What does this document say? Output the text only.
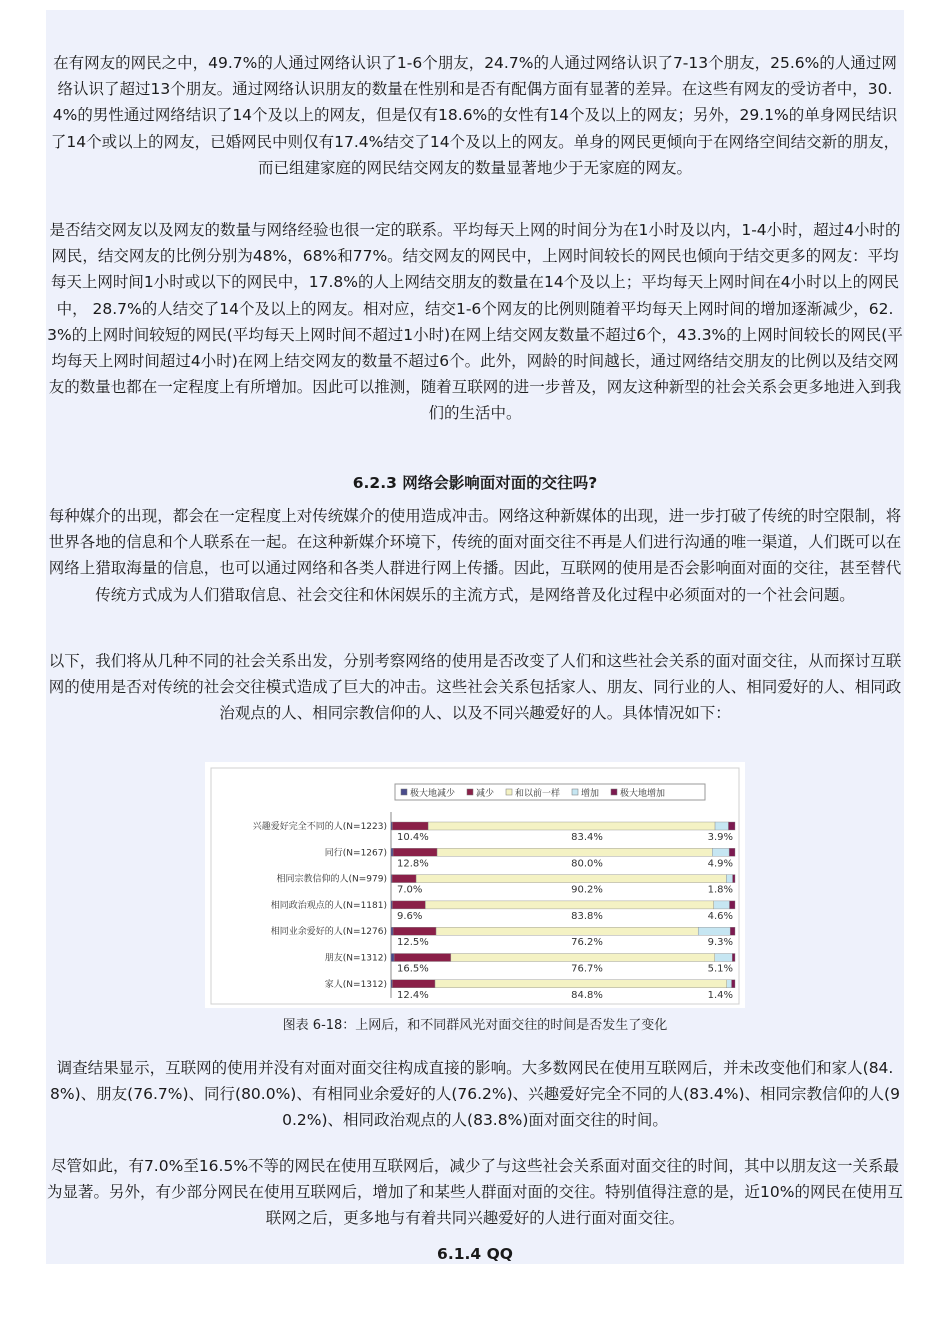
在有网友的网民之中，49.7%的人通过网络认识了1-6个朋友，24.7%的人通过网络认识了7-13个朋友，25.6%的人通过网络认识了超过13个朋友。通过网络认识朋友的数量在性别和是否有配偶方面有显著的差异。在这些有网友的受访者中，30.4%的男性通过网络结识了14个及以上的网友，但是仅有18.6%的女性有14个及以上的网友；另外，29.1%的单身网民结识了14个或以上的网友，已婚网民中则仅有17.4%结交了14个及以上的网友。单身的网民更倾向于在网络空间结交新的朋友，而已组建家庭的网民结交网友的数量显著地少于无家庭的网友。

是否结交网友以及网友的数量与网络经验也很一定的联系。平均每天上网的时间分为在1小时及以内，1-4小时，超过4小时的网民，结交网友的比例分别为48%，68%和77%。结交网友的网民中，上网时间较长的网民也倾向于结交更多的网友：平均每天上网时间1小时或以下的网民中，17.8%的人上网结交朋友的数量在14个及以上；平均每天上网时间在4小时以上的网民中， 28.7%的人结交了14个及以上的网友。相对应，结交1-6个网友的比例则随着平均每天上网时间的增加逐渐减少，62.3%的上网时间较短的网民(平均每天上网时间不超过1小时)在网上结交网友数量不超过6个，43.3%的上网时间较长的网民(平均每天上网时间超过4小时)在网上结交网友的数量不超过6个。此外，网龄的时间越长，通过网络结交朋友的比例以及结交网友的数量也都在一定程度上有所增加。因此可以推测，随着互联网的进一步普及，网友这种新型的社会关系会更多地进入到我们的生活中。

6.2.3 网络会影响面对面的交往吗?

每种媒介的出现，都会在一定程度上对传统媒介的使用造成冲击。网络这种新媒体的出现，进一步打破了传统的时空限制，将世界各地的信息和个人联系在一起。在这种新媒介环境下，传统的面对面交往不再是人们进行沟通的唯一渠道，人们既可以在网络上猎取海量的信息，也可以通过网络和各类人群进行网上传播。因此，互联网的使用是否会影响面对面的交往，甚至替代传统方式成为人们猎取信息、社会交往和休闲娱乐的主流方式，是网络普及化过程中必须面对的一个社会问题。

以下，我们将从几种不同的社会关系出发，分别考察网络的使用是否改变了人们和这些社会关系的面对面交往，从而探讨互联网的使用是否对传统的社会交往模式造成了巨大的冲击。这些社会关系包括家人、朋友、同行业的人、相同爱好的人、相同政治观点的人、相同宗教信仰的人、以及不同兴趣爱好的人。具体情况如下：

极大地减少 减少 和以前一样 增加 极大地增加
兴趣爱好完全不同的人(N=1223)
10.4%	83.4%	3.9%
同行(N=1267)
12.8%	80.0%	4.9%
相同宗教信仰的人(N=979)
7.0%	90.2%	1.8%
相同政治观点的人(N=1181)
9.6%	83.8%	4.6%
相同业余爱好的人(N=1276)
12.5%	76.2%	9.3%
朋友(N=1312)
16.5%	76.7%	5.1%
家人(N=1312)
12.4%	84.8%	1.4%
图表 6-18：上网后，和不同群风光对面交往的时间是否发生了变化

调查结果显示，互联网的使用并没有对面对面交往构成直接的影响。大多数网民在使用互联网后，并未改变他们和家人(84.8%)、朋友(76.7%)、同行(80.0%)、有相同业余爱好的人(76.2%)、兴趣爱好完全不同的人(83.4%)、相同宗教信仰的人(90.2%)、相同政治观点的人(83.8%)面对面交往的时间。

尽管如此，有7.0%至16.5%不等的网民在使用互联网后，减少了与这些社会关系面对面交往的时间，其中以朋友这一关系最为显著。另外，有少部分网民在使用互联网后，增加了和某些人群面对面的交往。特别值得注意的是，近10%的网民在使用互联网之后，更多地与有着共同兴趣爱好的人进行面对面交往。

6.1.4 QQ
